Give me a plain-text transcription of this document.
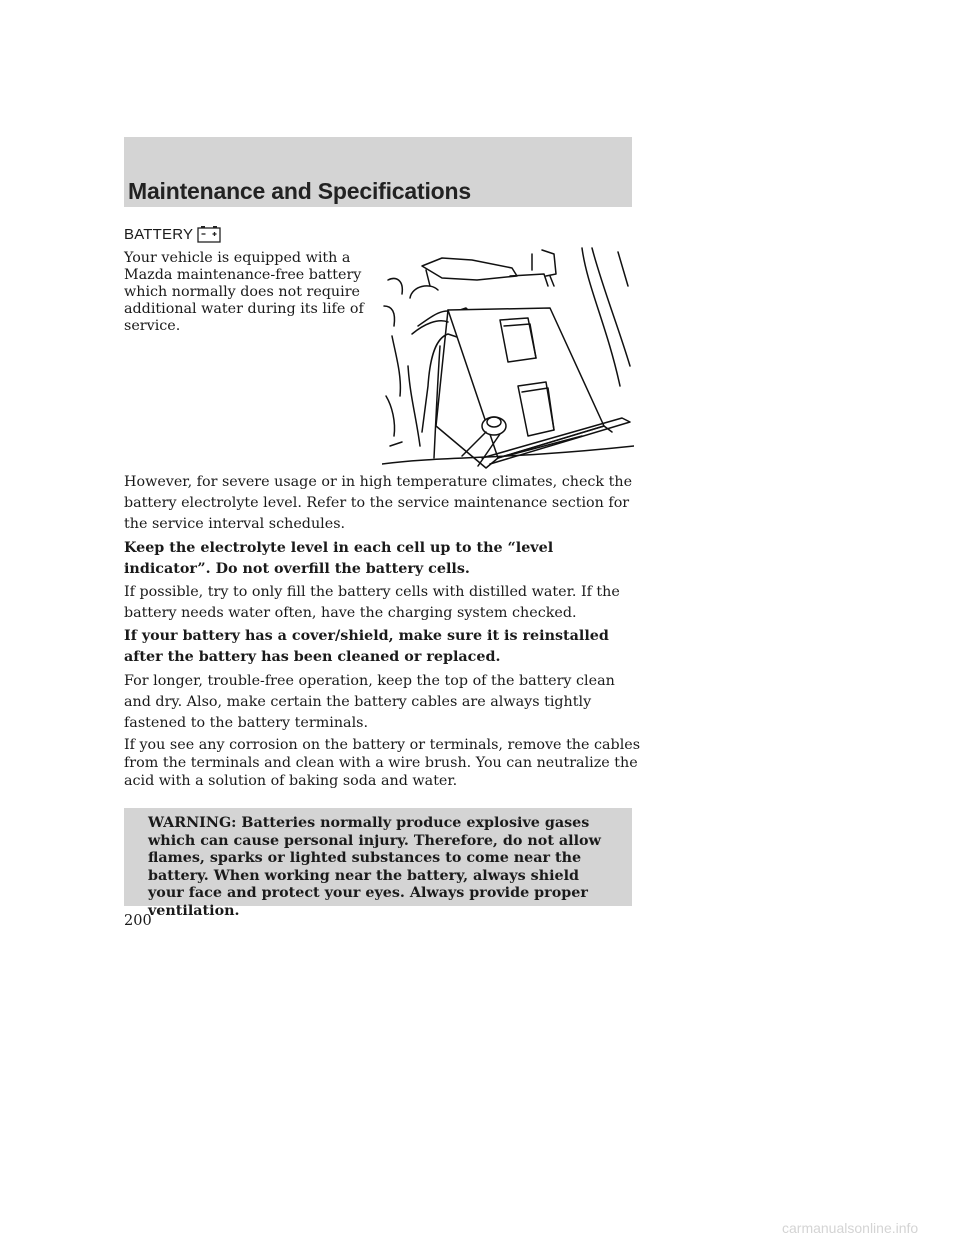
Maintenance and Specifications
BATTERY

Your vehicle is equipped with a Mazda maintenance-free battery which normally does not require additional water during its life of service.

However, for severe usage or in high temperature climates, check the battery electrolyte level. Refer to the service maintenance section for the service interval schedules.

Keep the electrolyte level in each cell up to the “level indicator”. Do not overfill the battery cells.

If possible, try to only fill the battery cells with distilled water. If the battery needs water often, have the charging system checked.

If your battery has a cover/shield, make sure it is reinstalled after the battery has been cleaned or replaced.

For longer, trouble-free operation, keep the top of the battery clean and dry. Also, make certain the battery cables are always tightly fastened to the battery terminals.

If you see any corrosion on the battery or terminals, remove the cables from the terminals and clean with a wire brush. You can neutralize the acid with a solution of baking soda and water.

WARNING: Batteries normally produce explosive gases which can cause personal injury. Therefore, do not allow flames, sparks or lighted substances to come near the battery. When working near the battery, always shield your face and protect your eyes. Always provide proper ventilation.

200
carmanualsonline.info
